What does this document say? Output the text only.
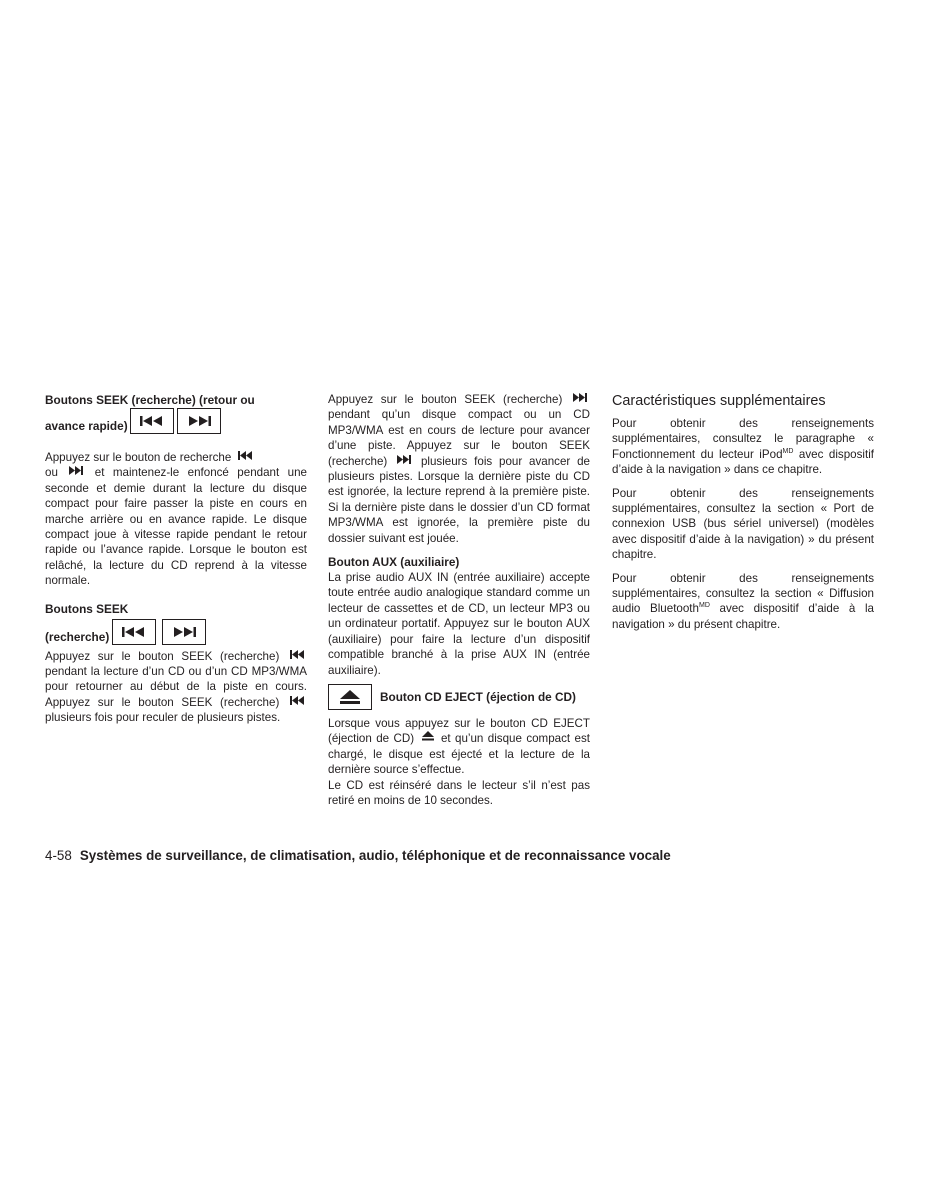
Boutons SEEK (recherche) (retour ou

avance rapide)

Appuyez sur le bouton de recherche
ou	et maintenez-le enfoncé pendant une seconde et demie durant la lecture du disque compact pour faire passer la piste en cours en marche arrière ou en avance rapide. Le disque compact joue à vitesse rapide pendant le retour rapide ou l’avance rapide. Lorsque le bouton est relâché, la lecture du CD reprend à la vitesse normale.

Boutons SEEK

(recherche)

Appuyez sur le bouton SEEK (recherche)  pendant la lecture d’un CD ou d’un CD MP3/WMA pour retourner au début de la piste en cours. Appuyez sur le bouton SEEK (recherche)  plusieurs fois pour reculer de plusieurs pistes.

Appuyez sur le bouton SEEK (recherche)  pendant qu’un disque compact ou un CD MP3/WMA est en cours de lecture pour avancer d’une piste. Appuyez sur le bouton SEEK (recherche)	plusieurs fois pour avancer de plusieurs pistes. Lorsque la dernière piste du CD est ignorée, la lecture reprend à la première piste. Si la dernière piste dans le dossier d’un CD format MP3/WMA est ignorée, la première piste du dossier suivant est jouée.

Bouton AUX (auxiliaire)

La prise audio AUX IN (entrée auxiliaire) accepte toute entrée audio analogique standard comme un lecteur de cassettes et de CD, un lecteur MP3 ou un ordinateur portatif. Appuyez sur le bouton AUX (auxiliaire) pour faire la lecture d’un dispositif compatible branché à la prise AUX IN (entrée auxiliaire).

Bouton CD EJECT (éjection de CD)

Lorsque vous appuyez sur le bouton CD EJECT (éjection de CD) et qu’un disque compact est chargé, le disque est éjecté et la lecture de la dernière source s’effectue.

Le CD est réinséré dans le lecteur s’il n’est pas retiré en moins de 10 secondes.

Caractéristiques supplémentaires

Pour obtenir des renseignements supplémentaires, consultez le paragraphe « Fonctionnement du lecteur iPod$^{MD}$ avec dispositif d’aide à la navigation » dans ce chapitre.

Pour obtenir des renseignements supplémentaires, consultez la section « Port de connexion USB (bus sériel universel) (modèles avec dispositif d’aide à la navigation) » du présent chapitre.

Pour obtenir des renseignements supplémentaires, consultez la section « Diffusion audio Bluetooth$^{MD}$ avec dispositif d’aide à la navigation » du présent chapitre.

4-58 Systèmes de surveillance, de climatisation, audio, téléphonique et de reconnaissance vocale
